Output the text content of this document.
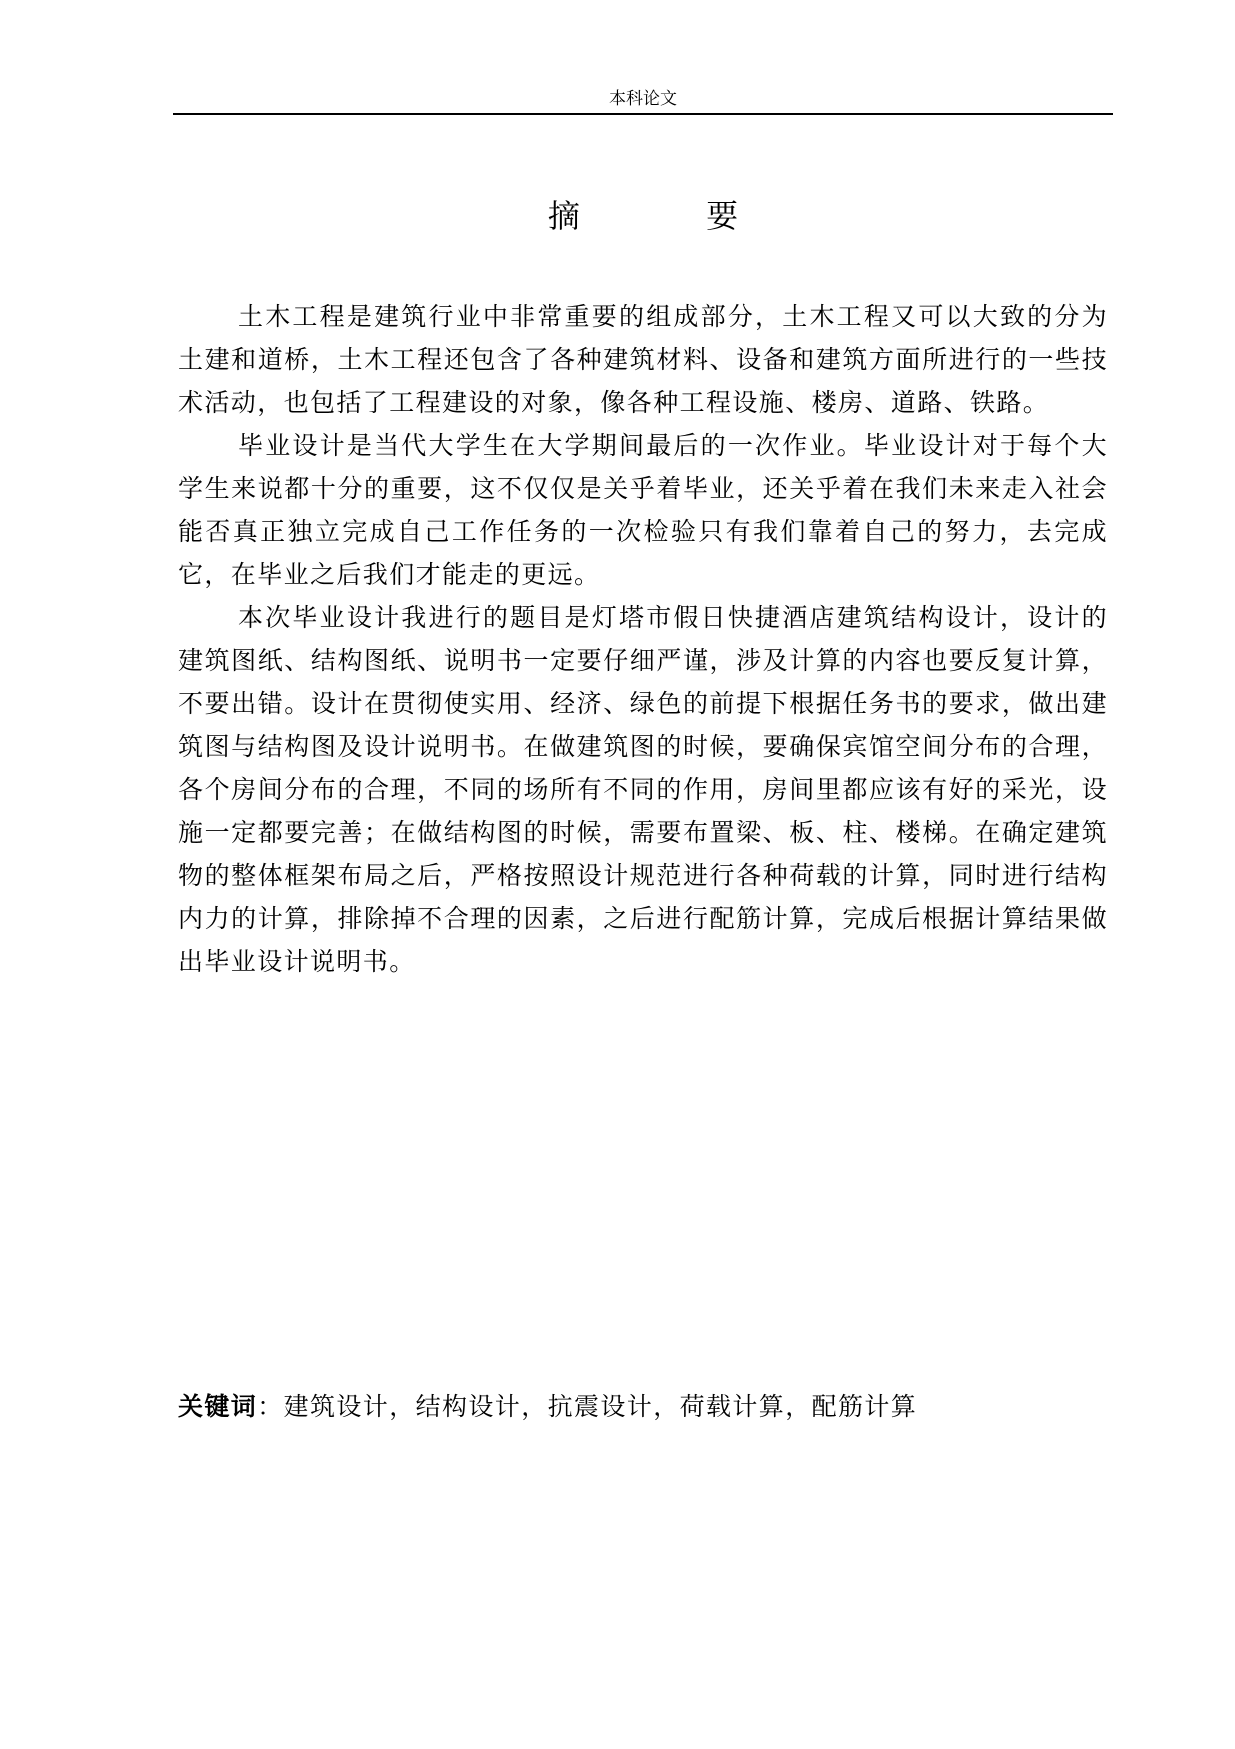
本科论文
摘 要

土木工程是建筑行业中非常重要的组成部分，土木工程又可以大致的分为土建和道桥，土木工程还包含了各种建筑材料、设备和建筑方面所进行的一些技术活动，也包括了工程建设的对象，像各种工程设施、楼房、道路、铁路。

毕业设计是当代大学生在大学期间最后的一次作业。毕业设计对于每个大学生来说都十分的重要，这不仅仅是关乎着毕业，还关乎着在我们未来走入社会能否真正独立完成自己工作任务的一次检验只有我们靠着自己的努力，去完成它，在毕业之后我们才能走的更远。

本次毕业设计我进行的题目是灯塔市假日快捷酒店建筑结构设计，设计的建筑图纸、结构图纸、说明书一定要仔细严谨，涉及计算的内容也要反复计算，不要出错。设计在贯彻使实用、经济、绿色的前提下根据任务书的要求，做出建筑图与结构图及设计说明书。在做建筑图的时候，要确保宾馆空间分布的合理，各个房间分布的合理，不同的场所有不同的作用，房间里都应该有好的采光，设施一定都要完善；在做结构图的时候，需要布置梁、板、柱、楼梯。在确定建筑物的整体框架布局之后，严格按照设计规范进行各种荷载的计算，同时进行结构内力的计算，排除掉不合理的因素，之后进行配筋计算，完成后根据计算结果做出毕业设计说明书。

关键词：建筑设计，结构设计，抗震设计，荷载计算，配筋计算
